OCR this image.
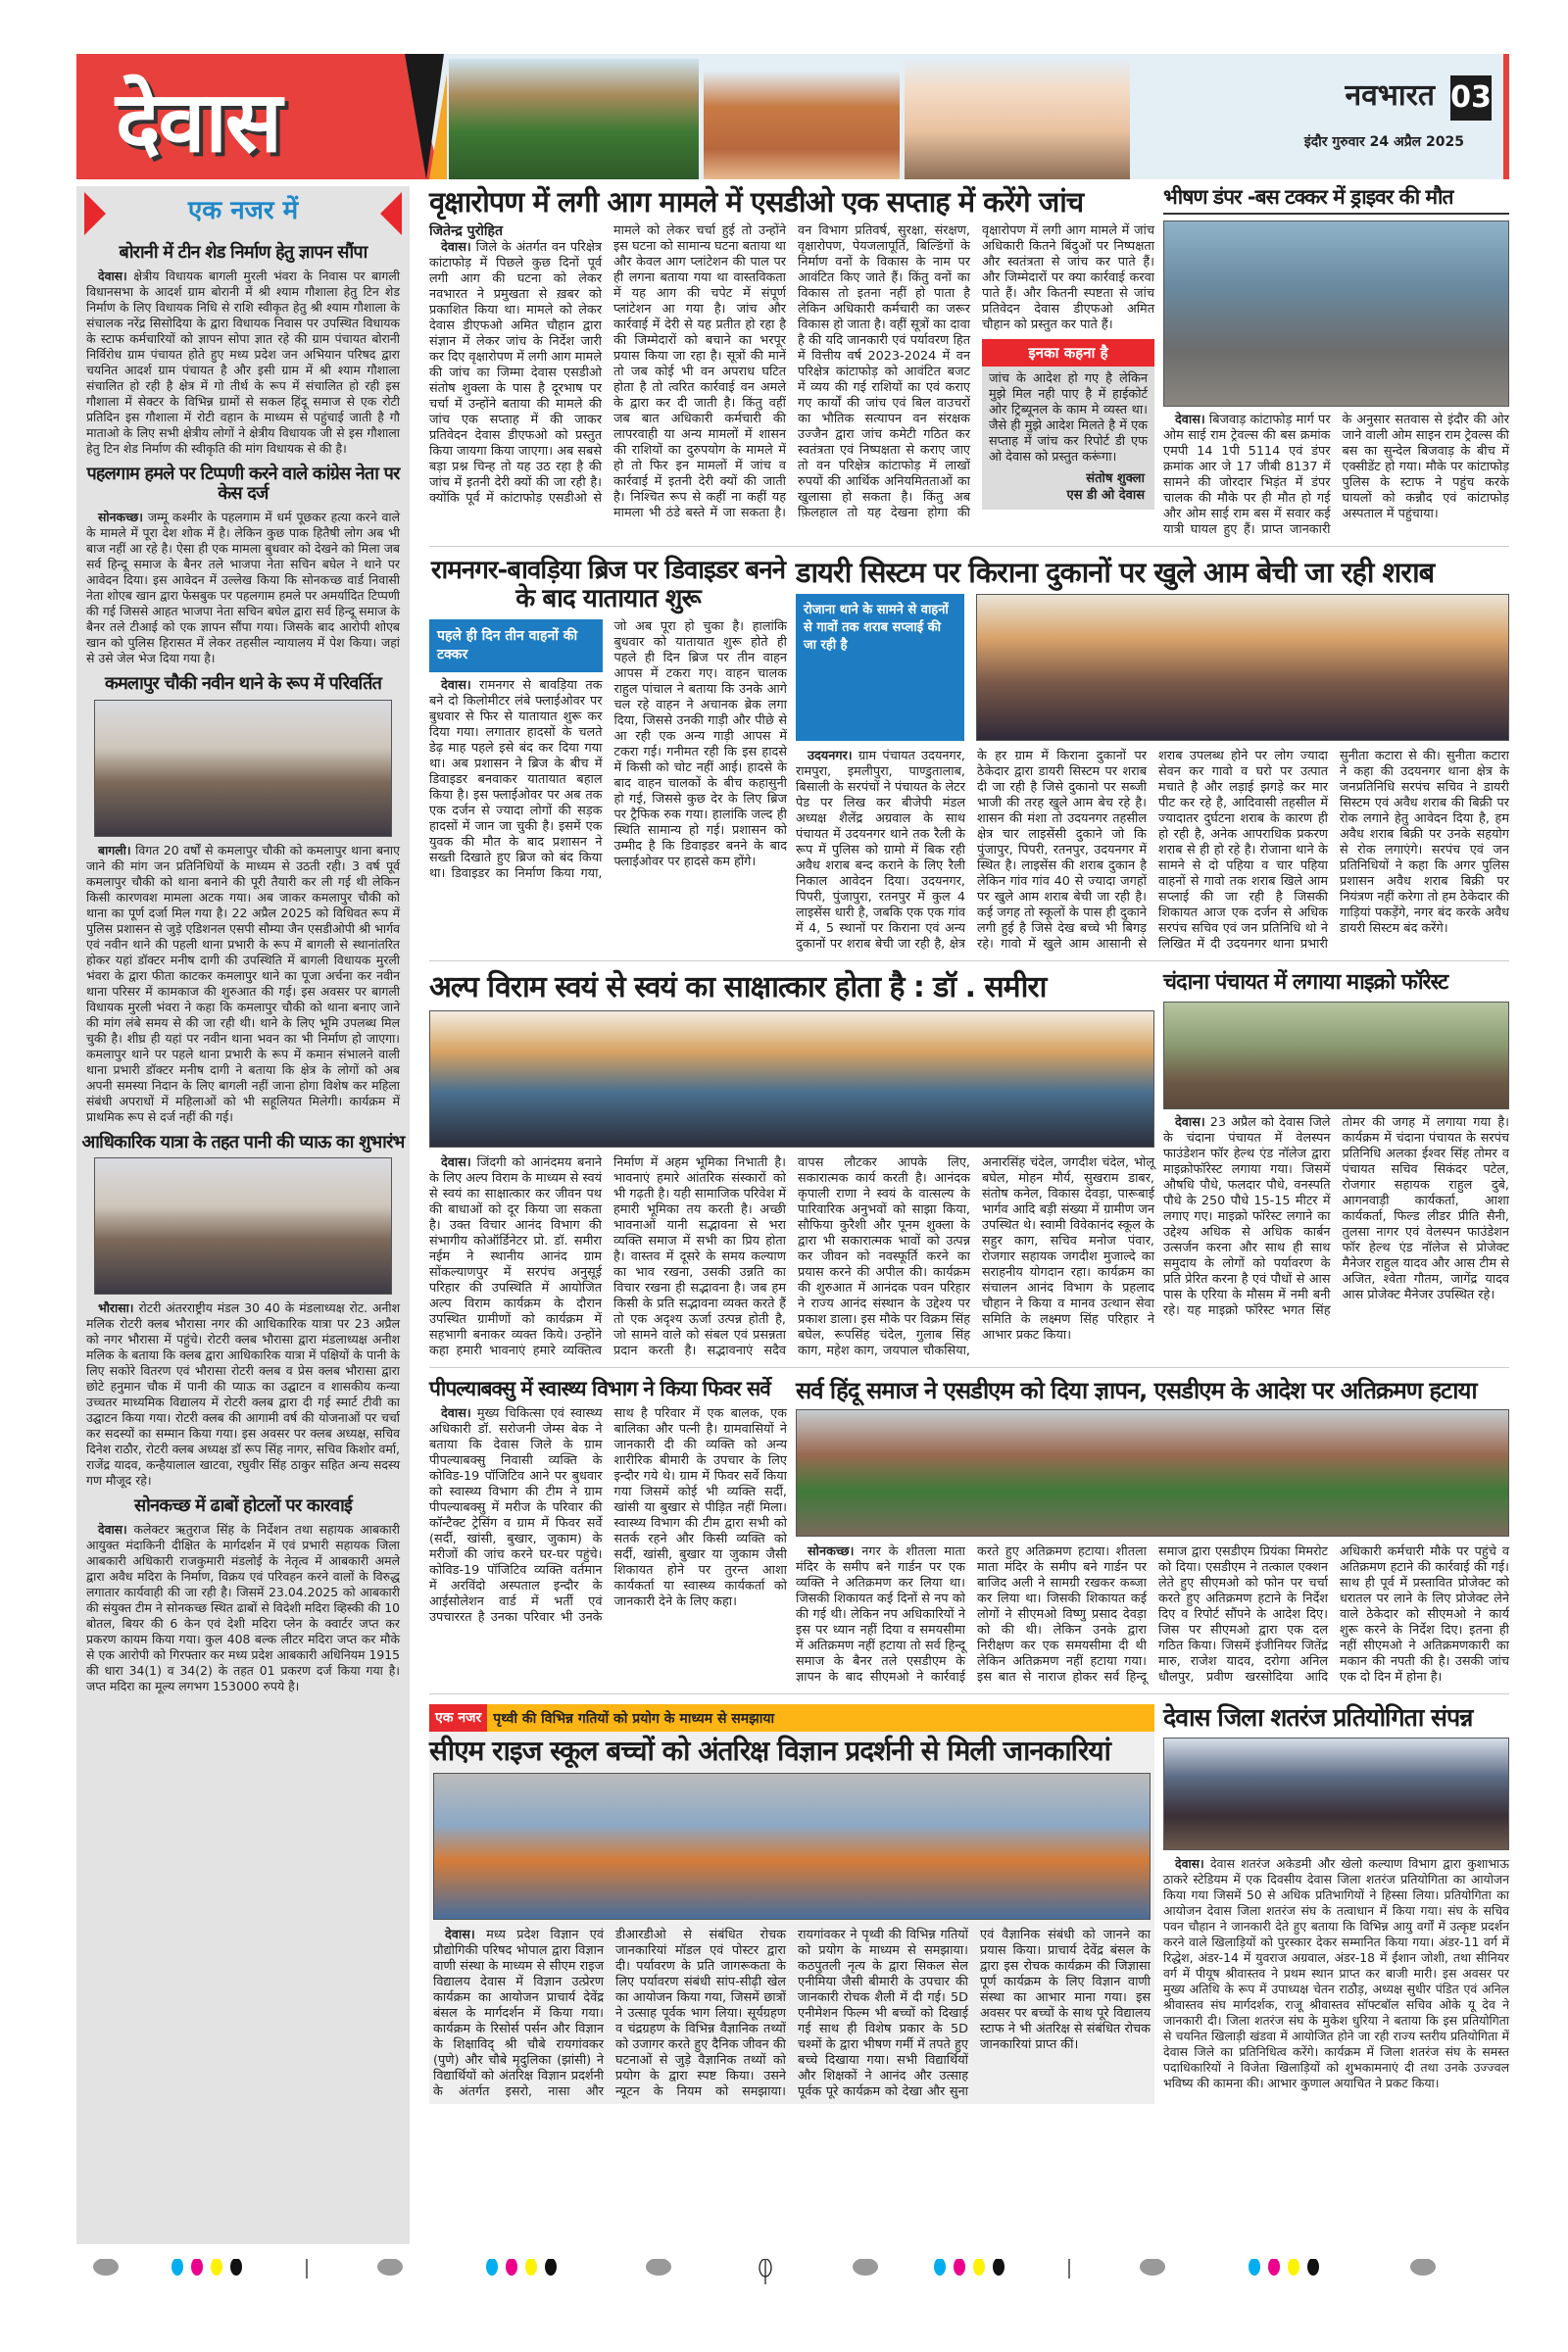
देवास	नवभारत 03
इंदौर गुरुवार 24 अप्रैल 2025
एक नजर में
बोरानी में टीन शेड निर्माण हेतु ज्ञापन सौंपा

देवास। क्षेत्रीय विधायक बागली मुरली भंवरा के निवास पर बागली विधानसभा के आदर्श ग्राम बोरानी में श्री श्याम गौशाला हेतु टिन शेड निर्माण के लिए विधायक निधि से राशि स्वीकृत हेतु श्री श्याम गौशाला के संचालक नरेंद्र सिसोदिया के द्वारा विधायक निवास पर उपस्थित विधायक के स्टाफ कर्मचारियों को ज्ञापन सोपा ज्ञात रहे की ग्राम पंचायत बोरानी निर्विरोध ग्राम पंचायत होते हुए मध्य प्रदेश जन अभियान परिषद द्वारा चयनित आदर्श ग्राम पंचायत है और इसी ग्राम में श्री श्याम गौशाला संचालित हो रही है क्षेत्र में गो तीर्थ के रूप में संचालित हो रही इस गौशाला में सेक्टर के विभिन्न ग्रामों से सकल हिंदू समाज से एक रोटी प्रतिदिन इस गौशाला में रोटी वहान के माध्यम से पहुंचाई जाती है गौ माताओ के लिए सभी क्षेत्रीय लोगों ने क्षेत्रीय विधायक जी से इस गौशाला हेतु टिन शेड निर्माण की स्वीकृति की मांग विधायक से की है।

पहलगाम हमले पर टिप्पणी करने वाले कांग्रेस नेता पर केस दर्ज

सोनकच्छ। जम्मू कश्मीर के पहलगाम में धर्म पूछकर हत्या करने वाले के मामले में पूरा देश शोक में है। लेकिन कुछ पाक हितैषी लोग अब भी बाज नहीं आ रहे है। ऐसा ही एक मामला बुधवार को देखने को मिला जब सर्व हिन्दू समाज के बैनर तले भाजपा नेता सचिन बघेल ने थाने पर आवेदन दिया। इस आवेदन में उल्लेख किया कि सोनकच्छ वार्ड निवासी नेता शोएब खान द्वारा फेसबुक पर पहलगाम हमले पर अमर्यादित टिप्पणी की गई जिससे आहत भाजपा नेता सचिन बघेल द्वारा सर्व हिन्दू समाज के बैनर तले टीआई को एक ज्ञापन सौंपा गया। जिसके बाद आरोपी शोएब खान को पुलिस हिरासत में लेकर तहसील न्यायालय में पेश किया। जहां से उसे जेल भेज दिया गया है।

कमलापुर चौकी नवीन थाने के रूप में परिवर्तित

बागली। विगत 20 वर्षों से कमलापुर चौकी को कमलापुर थाना बनाए जाने की मांग जन प्रतिनिधियों के माध्यम से उठती रही। 3 वर्ष पूर्व कमलापुर चौकी को थाना बनाने की पूरी तैयारी कर ली गई थी लेकिन किसी कारणवश मामला अटक गया। अब जाकर कमलापुर चौकी को थाना का पूर्ण दर्जा मिल गया है। 22 अप्रैल 2025 को विधिवत रूप में पुलिस प्रशासन से जुड़े एडिशनल एसपी सौम्या जैन एसडीओपी श्री भार्गव एवं नवीन थाने की पहली थाना प्रभारी के रूप में बागली से स्थानांतरित होकर यहां डॉक्टर मनीष दागी की उपस्थिति में बागली विधायक मुरली भंवरा के द्वारा फीता काटकर कमलापुर थाने का पूजा अर्चना कर नवीन थाना परिसर में कामकाज की शुरुआत की गई। इस अवसर पर बागली विधायक मुरली भंवरा ने कहा कि कमलापुर चौकी को थाना बनाए जाने की मांग लंबे समय से की जा रही थी। थाने के लिए भूमि उपलब्ध मिल चुकी है। शीघ्र ही यहां पर नवीन थाना भवन का भी निर्माण हो जाएगा। कमलापुर थाने पर पहले थाना प्रभारी के रूप में कमान संभालने वाली थाना प्रभारी डॉक्टर मनीष दागी ने बताया कि क्षेत्र के लोगों को अब अपनी समस्या निदान के लिए बागली नहीं जाना होगा विशेष कर महिला संबंधी अपराधों में महिलाओं को भी सहूलियत मिलेगी। कार्यक्रम में प्राथमिक रूप से दर्ज नहीं की गई।

आधिकारिक यात्रा के तहत पानी की प्याऊ का शुभारंभ

भौरासा। रोटरी अंतरराष्ट्रीय मंडल 30 40 के मंडलाध्यक्ष रोट. अनीश मलिक रोटरी क्लब भौरासा नगर की आधिकारिक यात्रा पर 23 अप्रैल को नगर भौरासा में पहुंचे। रोटरी क्लब भौरासा द्वारा मंडलाध्यक्ष अनीश मलिक के बताया कि क्लब द्वारा आधिकारिक यात्रा में पक्षियों के पानी के लिए सकोरे वितरण एवं भौरासा रोटरी क्लब व प्रेस क्लब भौरासा द्वारा छोटे हनुमान चौक में पानी की प्याऊ का उद्घाटन व शासकीय कन्या उच्चतर माध्यमिक विद्यालय में रोटरी क्लब द्वारा दी गई स्मार्ट टीवी का उद्घाटन किया गया। रोटरी क्लब की आगामी वर्ष की योजनाओं पर चर्चा कर सदस्यों का सम्मान किया गया। इस अवसर पर क्लब अध्यक्ष, सचिव दिनेश राठौर, रोटरी क्लब अध्यक्ष डॉ रूप सिंह नागर, सचिव किशोर वर्मा, राजेंद्र यादव, कन्हैयालाल खाटवा, रघुवीर सिंह ठाकुर सहित अन्य सदस्य गण मौजूद रहे।

सोनकच्छ में ढाबों होटलों पर कारवाई

देवास। कलेक्टर ऋतुराज सिंह के निर्देशन तथा सहायक आबकारी आयुक्त मंदाकिनी दीक्षित के मार्गदर्शन में एवं प्रभारी सहायक जिला आबकारी अधिकारी राजकुमारी मंडलोई के नेतृत्व में आबकारी अमले द्वारा अवैध मदिरा के निर्माण, विक्रय एवं परिवहन करने वालों के विरुद्ध लगातार कार्यवाही की जा रही है। जिसमें 23.04.2025 को आबकारी की संयुक्त टीम ने सोनकच्छ स्थित ढाबों से विदेशी मदिरा व्हिस्की की 10 बोतल, बियर की 6 केन एवं देशी मदिरा प्लेन के क्वार्टर जप्त कर प्रकरण कायम किया गया। कुल 408 बल्क लीटर मदिरा जप्त कर मौके से एक आरोपी को गिरफ्तार कर मध्य प्रदेश आबकारी अधिनियम 1915 की धारा 34(1) व 34(2) के तहत 01 प्रकरण दर्ज किया गया है। जप्त मदिरा का मूल्य लगभग 153000 रुपये है।

वृक्षारोपण में लगी आग मामले में एसडीओ एक सप्ताह में करेंगे जांच

जितेन्द्र पुरोहित

देवास। जिले के अंतर्गत वन परिक्षेत्र कांटाफोड़ में पिछले कुछ दिनों पूर्व लगी आग की घटना को लेकर नवभारत ने प्रमुखता से ख़बर को प्रकाशित किया था। मामले को लेकर देवास डीएफओ अमित चौहान द्वारा संज्ञान में लेकर जांच के निर्देश जारी कर दिए वृक्षारोपण में लगी आग मामले की जांच का जिम्मा देवास एसडीओ संतोष शुक्ला के पास है दूरभाष पर चर्चा में उन्होंने बताया की मामले की जांच एक सप्ताह में की जाकर प्रतिवेदन देवास डीएफओ को प्रस्तुत किया जायगा किया जाएगा। अब सबसे बड़ा प्रश्न चिन्ह तो यह उठ रहा है की जांच में इतनी देरी क्यों की जा रही है। क्योंकि पूर्व में कांटाफोड़ एसडीओ से मामले को लेकर चर्चा हुई तो उन्होंने इस घटना को सामान्य घटना बताया था और केवल आग प्लांटेशन की पाल पर ही लगना बताया गया था वास्तविकता में यह आग की चपेट में संपूर्ण प्लांटेशन आ गया है। जांच और कार्रवाई में देरी से यह प्रतीत हो रहा है की जिम्मेदारों को बचाने का भरपूर प्रयास किया जा रहा है। सूत्रों की मानें तो जब कोई भी वन अपराध घटित होता है तो त्वरित कार्रवाई वन अमले के द्वारा कर दी जाती है। किंतु वहीं जब बात अधिकारी कर्मचारी की लापरवाही या अन्य मामलों में शासन की राशियों का दुरुपयोग के मामले में हो तो फिर इन मामलों में जांच व कार्रवाई में इतनी देरी क्यों की जाती है। निश्चित रूप से कहीं ना कहीं यह मामला भी ठंडे बस्ते में जा सकता है। वन विभाग प्रतिवर्ष, सुरक्षा, संरक्षण, वृक्षारोपण, पेयजलापूर्ति, बिल्डिंगों के निर्माण वनों के विकास के नाम पर आवंटित किए जाते हैं। किंतु वनों का विकास तो इतना नहीं हो पाता है लेकिन अधिकारी कर्मचारी का जरूर विकास हो जाता है। वहीं सूत्रों का दावा है की यदि जानकारी एवं पर्यावरण हित में वित्तीय वर्ष 2023-2024 में वन परिक्षेत्र कांटाफोड़ को आवंटित बजट में व्यय की गई राशियों का एवं कराए गए कार्यों की जांच एवं बिल वाउचरों का भौतिक सत्यापन वन संरक्षक उज्जैन द्वारा जांच कमेटी गठित कर स्वतंत्रता एवं निष्पक्षता से कराए जाए तो वन परिक्षेत्र कांटाफोड़ में लाखों रुपयों की आर्थिक अनियमितताओं का खुलासा हो सकता है। किंतु अब फ़िलहाल तो यह देखना होगा की वृक्षारोपण में लगी आग मामले में जांच अधिकारी कितने बिंदुओं पर निष्पक्षता और स्वतंत्रता से जांच कर पाते हैं। और जिम्मेदारों पर क्या कार्रवाई करवा पाते हैं। और कितनी स्पष्टता से जांच प्रतिवेदन देवास डीएफओ अमित चौहान को प्रस्तुत कर पाते हैं।

इनका कहना है
जांच के आदेश हो गए है लेकिन मुझे मिल नही पाए है में हाईकोर्ट ओर ट्रिब्यूनल के काम मे व्यस्त था। जैसे ही मुझे आदेश मिलते है में एक सप्ताह में जांच कर रिपोर्ट डी एफ ओ देवास को प्रस्तुत करूंगा।
संतोष शुक्ला
एस डी ओ देवास
भीषण डंपर -बस टक्कर में ड्राइवर की मौत

देवास। बिजवाड़ कांटाफोड़ मार्ग पर ओम साई राम ट्रेवल्स की बस क्रमांक एमपी 14 1पी 5114 एवं डंपर क्रमांक आर जे 17 जीबी 8137 में सामने की जोरदार भिड़ंत में डंपर चालक की मौके पर ही मौत हो गई और ओम साई राम बस में सवार कई यात्री घायल हुए हैं। प्राप्त जानकारी के अनुसार सतवास से इंदौर की ओर जाने वाली ओम साइन राम ट्रेवल्स की बस का सुन्देल बिजवाड़ के बीच में एक्सीडेंट हो गया। मौके पर कांटाफोड़ पुलिस के स्टाफ ने पहुंच करके घायलों को कन्नौद एवं कांटाफोड़ अस्पताल में पहुंचाया।

रामनगर-बावड़िया ब्रिज पर डिवाइडर बनने के बाद यातायात शुरू
पहले ही दिन तीन वाहनों की टक्कर

देवास। रामनगर से बावड़िया तक बने दो किलोमीटर लंबे फ्लाईओवर पर बुधवार से फिर से यातायात शुरू कर दिया गया। लगातार हादसों के चलते डेढ़ माह पहले इसे बंद कर दिया गया था। अब प्रशासन ने ब्रिज के बीच में डिवाइडर बनवाकर यातायात बहाल किया है। इस फ्लाईओवर पर अब तक एक दर्जन से ज्यादा लोगों की सड़क हादसों में जान जा चुकी है। इसमें एक युवक की मौत के बाद प्रशासन ने सख्ती दिखाते हुए ब्रिज को बंद किया था। डिवाइडर का निर्माण किया गया, जो अब पूरा हो चुका है। हालांकि बुधवार को यातायात शुरू होते ही पहले ही दिन ब्रिज पर तीन वाहन आपस में टकरा गए। वाहन चालक राहुल पांचाल ने बताया कि उनके आगे चल रहे वाहन ने अचानक ब्रेक लगा दिया, जिससे उनकी गाड़ी और पीछे से आ रही एक अन्य गाड़ी आपस में टकरा गई। गनीमत रही कि इस हादसे में किसी को चोट नहीं आई। हादसे के बाद वाहन चालकों के बीच कहासुनी हो गई, जिससे कुछ देर के लिए ब्रिज पर ट्रैफिक रुक गया। हालांकि जल्द ही स्थिति सामान्य हो गई। प्रशासन को उम्मीद है कि डिवाइडर बनने के बाद फ्लाईओवर पर हादसे कम होंगे।

डायरी सिस्टम पर किराना दुकानों पर खुले आम बेची जा रही शराब
रोजाना थाने के सामने से वाहनों से गावों तक शराब सप्लाई की जा रही है

उदयनगर। ग्राम पंचायत उदयनगर, रामपुरा, इमलीपुरा, पाण्डुतालाब, बिसाली के सरपंचों ने पंचायत के लेटर पेड पर लिख कर बीजेपी मंडल अध्यक्ष शैलेंद्र अग्रवाल के साथ पंचायत में उदयनगर थाने तक रैली के रूप में पुलिस को ग्रामो में बिक रही अवैध शराब बन्द कराने के लिए रैली निकाल आवेदन दिया। उदयनगर, पिपरी, पुंजापुरा, रतनपुर में कुल 4 लाइसेंस धारी है, जबकि एक एक गांव में 4, 5 स्थानों पर किराना एवं अन्य दुकानों पर शराब बेची जा रही है, क्षेत्र के हर ग्राम में किराना दुकानों पर ठेकेदार द्वारा डायरी सिस्टम पर शराब दी जा रही है जिसे दुकानो पर सब्जी भाजी की तरह खुले आम बेच रहे है। शासन की मंशा तो उदयनगर तहसील क्षेत्र चार लाइसेंसी दुकाने जो कि पुंजापुर, पिपरी, रतनपुर, उदयनगर में स्थित है। लाइसेंस की शराब दुकान है लेकिन गांव गांव 40 से ज्यादा जगहों पर खुले आम शराब बेची जा रही है। कई जगह तो स्कूलों के पास ही दुकाने लगी हुई है जिसे देख बच्चे भी बिगड़ रहे। गावो में खुले आम आसानी से शराब उपलब्ध होने पर लोग ज्यादा सेवन कर गावो व घरो पर उत्पात मचाते है और लड़ाई झगड़े कर मार पीट कर रहे है, आदिवासी तहसील में ज्यादातर दुर्घटना शराब के कारण ही हो रही है, अनेक आपराधिक प्रकरण शराब से ही हो रहे है। रोजाना थाने के सामने से दो पहिया व चार पहिया वाहनों से गावो तक शराब खिले आम सप्लाई की जा रही है जिसकी शिकायत आज एक दर्जन से अधिक सरपंच सचिव एवं जन प्रतिनिधि थो ने लिखित में दी उदयनगर थाना प्रभारी सुनीता कटारा से की। सुनीता कटारा ने कहा की उदयनगर थाना क्षेत्र के जनप्रतिनिधि सरपंच सचिव ने डायरी सिस्टम एवं अवैध शराब की बिक्री पर रोक लगाने हेतु आवेदन दिया है, हम अवैध शराब बिक्री पर उनके सहयोग से रोक लगाएंगे। सरपंच एवं जन प्रतिनिधियों ने कहा कि अगर पुलिस प्रशासन अवैध शराब बिक्री पर नियंत्रण नहीं करेगा तो हम ठेकेदार की गाड़ियां पकड़ेंगे, नगर बंद करके अवैध डायरी सिस्टम बंद करेंगे।

अल्प विराम स्वयं से स्वयं का साक्षात्कार होता है : डॉ . समीरा

देवास। जिंदगी को आनंदमय बनाने के लिए अल्प विराम के माध्यम से स्वयं से स्वयं का साक्षात्कार कर जीवन पथ की बाधाओं को दूर किया जा सकता है। उक्त विचार आनंद विभाग की संभागीय कोऑर्डिनेटर प्रो. डॉ. समीरा नईम ने स्थानीय आनंद ग्राम सोंकल्याणपुर में सरपंच अनुसूई परिहार की उपस्थिति में आयोजित अल्प विराम कार्यक्रम के दौरान उपस्थित ग्रामीणों को कार्यक्रम में सहभागी बनाकर व्यक्त किये। उन्होंने कहा हमारी भावनाएं हमारे व्यक्तित्व निर्माण में अहम भूमिका निभाती है। भावनाएं हमारे आंतरिक संस्कारों को भी गढ़ती है। यही सामाजिक परिवेश में हमारी भूमिका तय करती है। अच्छी भावनाओं यानी सद्भावना से भरा व्यक्ति समाज में सभी का प्रिय होता है। वास्तव में दूसरे के समय कल्याण का भाव रखना, उसकी उन्नति का विचार रखना ही सद्भावना है। जब हम किसी के प्रति सद्भावना व्यक्त करते हैं तो एक अदृश्य ऊर्जा उत्पन्न होती है, जो सामने वाले को संबल एवं प्रसन्नता प्रदान करती है। सद्भावनाएं सदैव वापस लौटकर आपके लिए, सकारात्मक कार्य करती है। आनंदक कृपाली राणा ने स्वयं के वात्सल्य के पारिवारिक अनुभवों को साझा किया, सौफिया कुरैशी और पूनम शुक्ला के द्वारा भी सकारात्मक भावों को उत्पन्न कर जीवन को नवस्फूर्ति करने का प्रयास करने की अपील की। कार्यक्रम की शुरुआत में आनंदक पवन परिहार ने राज्य आनंद संस्थान के उद्देश्य पर प्रकाश डाला। इस मौके पर विक्रम सिंह बघेल, रूपसिंह चंदेल, गुलाब सिंह काग, महेश काग, जयपाल चौकसिया, अनारसिंह चंदेल, जगदीश चंदेल, भोलू बघेल, मोहन मौर्य, सुखराम डाबर, संतोष कनेल, विकास देवड़ा, पारूबाई भार्गव आदि बड़ी संख्या में ग्रामीण जन उपस्थित थे। स्वामी विवेकानंद स्कूल के सहुर काग, सचिव मनोज पंवार, रोजगार सहायक जगदीश मुजाल्दे का सराहनीय योगदान रहा। कार्यक्रम का संचालन आनंद विभाग के प्रहलाद चौहान ने किया व मानव उत्थान सेवा समिति के लक्ष्मण सिंह परिहार ने आभार प्रकट किया।

चंदाना पंचायत में लगाया माइक्रो फॉरेस्ट

देवास। 23 अप्रैल को देवास जिले के चंदाना पंचायत में वेलस्पन फाउंडेशन फॉर हेल्थ एंड नॉलेज द्वारा माइक्रोफॉरेस्ट लगाया गया। जिसमें औषधि पौधे, फलदार पौधे, वनस्पति पौधे के 250 पौधे 15-15 मीटर में लगाए गए। माइक्रो फॉरेस्ट लगाने का उद्देश्य अधिक से अधिक कार्बन उत्सर्जन करना और साथ ही साथ समुदाय के लोगों को पर्यावरण के प्रति प्रेरित करना है एवं पौधों से आस पास के एरिया के मौसम में नमी बनी रहे। यह माइक्रो फॉरेस्ट भगत सिंह तोमर की जगह में लगाया गया है। कार्यक्रम में चंदाना पंचायत के सरपंच प्रतिनिधि अलका ईश्वर सिंह तोमर व पंचायत सचिव सिकंदर पटेल, रोजगार सहायक राहुल दुबे, आगनवाड़ी कार्यकर्ता, आशा कार्यकर्ता, फिल्ड लीडर प्रीति सैनी, तुलसा नागर एवं वेलस्पन फाउंडेशन फॉर हेल्थ एंड नॉलेज से प्रोजेक्ट मैनेजर राहुल यादव और आस टीम से अजित, श्वेता गौतम, जागेंद्र यादव आस प्रोजेक्ट मैनेजर उपस्थित रहे।

पीपल्याबक्सु में स्वास्थ्य विभाग ने किया फिवर सर्वे

देवास। मुख्य चिकित्सा एवं स्वास्थ्य अधिकारी डॉ. सरोजनी जेम्स बेक ने बताया कि देवास जिले के ग्राम पीपल्याबक्सु निवासी व्यक्ति के कोविड-19 पॉजिटिव आने पर बुधवार को स्वास्थ्य विभाग की टीम ने ग्राम पीपल्याबक्सु में मरीज के परिवार की कॉन्टैक्ट ट्रेसिंग व ग्राम में फिवर सर्वे (सर्दी, खांसी, बुखार, जुकाम) के मरीजों की जांच करने घर-घर पहुंचे। कोविड-19 पॉजिटिव व्यक्ति वर्तमान में अरविंदो अस्पताल इन्दौर के आईसोलेशन वार्ड में भर्ती एवं उपचाररत है उनका परिवार भी उनके साथ है परिवार में एक बालक, एक बालिका और पत्नी है। ग्रामवासियों ने जानकारी दी की व्यक्ति को अन्य शारीरिक बीमारी के उपचार के लिए इन्दौर गये थे। ग्राम में फिवर सर्वे किया गया जिसमें कोई भी व्यक्ति सर्दी, खांसी या बुखार से पीड़ित नहीं मिला। स्वास्थ्य विभाग की टीम द्वारा सभी को सतर्क रहने और किसी व्यक्ति को सर्दी, खांसी, बुखार या जुकाम जैसी शिकायत होने पर तुरन्त आशा कार्यकर्ता या स्वास्थ्य कार्यकर्ता को जानकारी देने के लिए कहा।

सर्व हिंदू समाज ने एसडीएम को दिया ज्ञापन, एसडीएम के आदेश पर अतिक्रमण हटाया

सोनकच्छ। नगर के शीतला माता मंदिर के समीप बने गार्डन पर एक व्यक्ति ने अतिक्रमण कर लिया था। जिसकी शिकायत कई दिनों से नप को की गई थी। लेकिन नप अधिकारियों ने इस पर ध्यान नहीं दिया व समयसीमा में अतिक्रमण नहीं हटाया तो सर्व हिन्दू समाज के बैनर तले एसडीएम के ज्ञापन के बाद सीएमओ ने कार्रवाई करते हुए अतिक्रमण हटाया। शीतला माता मंदिर के समीप बने गार्डन पर बाजिद अली ने सामग्री रखकर कब्जा कर लिया था। जिसकी शिकायत कई लोगों ने सीएमओ विष्णु प्रसाद देवड़ा को की थी। लेकिन उनके द्वारा निरीक्षण कर एक समयसीमा दी थी लेकिन अतिक्रमण नहीं हटाया गया। इस बात से नाराज होकर सर्व हिन्दू समाज द्वारा एसडीएम प्रियंका मिमरोट को दिया। एसडीएम ने तत्काल एक्शन लेते हुए सीएमओ को फोन पर चर्चा करते हुए अतिक्रमण हटाने के निर्देश दिए व रिपोर्ट सौंपने के आदेश दिए। जिस पर सीएमओ द्वारा एक दल गठित किया। जिसमें इंजीनियर जितेंद्र मारु, राजेश यादव, दरोगा अनिल धौलपुर, प्रवीण खरसोदिया आदि अधिकारी कर्मचारी मौके पर पहुंचे व अतिक्रमण हटाने की कार्रवाई की गई। साथ ही पूर्व में प्रस्तावित प्रोजेक्ट को धरातल पर लाने के लिए प्रोजेक्ट लेने वाले ठेकेदार को सीएमओ ने कार्य शुरू करने के निर्देश दिए। इतना ही नहीं सीएमओ ने अतिक्रमणकारी का मकान की नपती की है। उसकी जांच एक दो दिन में होना है।

एक नजर पृथ्वी की विभिन्न गतियों को प्रयोग के माध्यम से समझाया
सीएम राइज स्कूल बच्चों को अंतरिक्ष विज्ञान प्रदर्शनी से मिली जानकारियां

देवास। मध्य प्रदेश विज्ञान एवं प्रौद्योगिकी परिषद भोपाल द्वारा विज्ञान वाणी संस्था के माध्यम से सीएम राइज विद्यालय देवास में विज्ञान उत्प्रेरण कार्यक्रम का आयोजन प्राचार्य देवेंद्र बंसल के मार्गदर्शन में किया गया। कार्यक्रम के रिसोर्स पर्सन और विज्ञान के शिक्षाविद् श्री चौबे रायगांवकर (पुणे) और चौबे मृदुलिका (झांसी) ने विद्यार्थियों को अंतरिक्ष विज्ञान प्रदर्शनी के अंतर्गत इसरो, नासा और डीआरडीओ से संबंधित रोचक जानकारियां मॉडल एवं पोस्टर द्वारा दी। पर्यावरण के प्रति जागरूकता के लिए पर्यावरण संबंधी सांप-सीढ़ी खेल का आयोजन किया गया, जिसमें छात्रों ने उत्साह पूर्वक भाग लिया। सूर्यग्रहण व चंद्रग्रहण के विभिन्न वैज्ञानिक तथ्यों को उजागर करते हुए दैनिक जीवन की घटनाओं से जुड़े वैज्ञानिक तथ्यों को प्रयोग के द्वारा स्पष्ट किया। उसने न्यूटन के नियम को समझाया। रायगांवकर ने पृथ्वी की विभिन्न गतियों को प्रयोग के माध्यम से समझाया। कठपुतली नृत्य के द्वारा सिकल सेल एनीमिया जैसी बीमारी के उपचार की जानकारी रोचक शैली में दी गई। 5D एनीमेशन फिल्म भी बच्चों को दिखाई गई साथ ही विशेष प्रकार के 5D चश्मों के द्वारा भीषण गर्मी में तपते हुए बच्चे दिखाया गया। सभी विद्यार्थियों और शिक्षकों ने आनंद और उत्साह पूर्वक पूरे कार्यक्रम को देखा और सुना एवं वैज्ञानिक संबंधी को जानने का प्रयास किया। प्राचार्य देवेंद्र बंसल के द्वारा इस रोचक कार्यक्रम की जिज्ञासा पूर्ण कार्यक्रम के लिए विज्ञान वाणी संस्था का आभार माना गया। इस अवसर पर बच्चों के साथ पूरे विद्यालय स्टाफ ने भी अंतरिक्ष से संबंधित रोचक जानकारियां प्राप्त कीं।

देवास जिला शतरंज प्रतियोगिता संपन्न

देवास। देवास शतरंज अकेडमी और खेलो कल्याण विभाग द्वारा कुशाभाऊ ठाकरे स्टेडियम में एक दिवसीय देवास जिला शतरंज प्रतियोगिता का आयोजन किया गया जिसमें 50 से अधिक प्रतिभागियों ने हिस्सा लिया। प्रतियोगिता का आयोजन देवास जिला शतरंज संघ के तत्वाधान में किया गया। संघ के सचिव पवन चौहान ने जानकारी देते हुए बताया कि विभिन्न आयु वर्गों में उत्कृष्ट प्रदर्शन करने वाले खिलाड़ियों को पुरस्कार देकर सम्मानित किया गया। अंडर-11 वर्ग में रिद्धेश, अंडर-14 में युवराज अग्रवाल, अंडर-18 में ईशान जोशी, तथा सीनियर वर्ग में पीयूष श्रीवास्तव ने प्रथम स्थान प्राप्त कर बाजी मारी। इस अवसर पर मुख्य अतिथि के रूप में उपाध्यक्ष चेतन राठौड़, अध्यक्ष सुधीर पंडित एवं अनिल श्रीवास्तव संघ मार्गदर्शक, राजू श्रीवास्तव सॉफ्टबॉल सचिव ओके यू देव ने जानकारी दी। जिला शतरंज संघ के मुकेश धुरिया ने बताया कि इस प्रतियोगिता से चयनित खिलाड़ी खंडवा में आयोजित होने जा रही राज्य स्तरीय प्रतियोगिता में देवास जिले का प्रतिनिधित्व करेंगे। कार्यक्रम में जिला शतरंज संघ के समस्त पदाधिकारियों ने विजेता खिलाड़ियों को शुभकामनाएं दी तथा उनके उज्ज्वल भविष्य की कामना की। आभार कुणाल अयाचित ने प्रकट किया।
